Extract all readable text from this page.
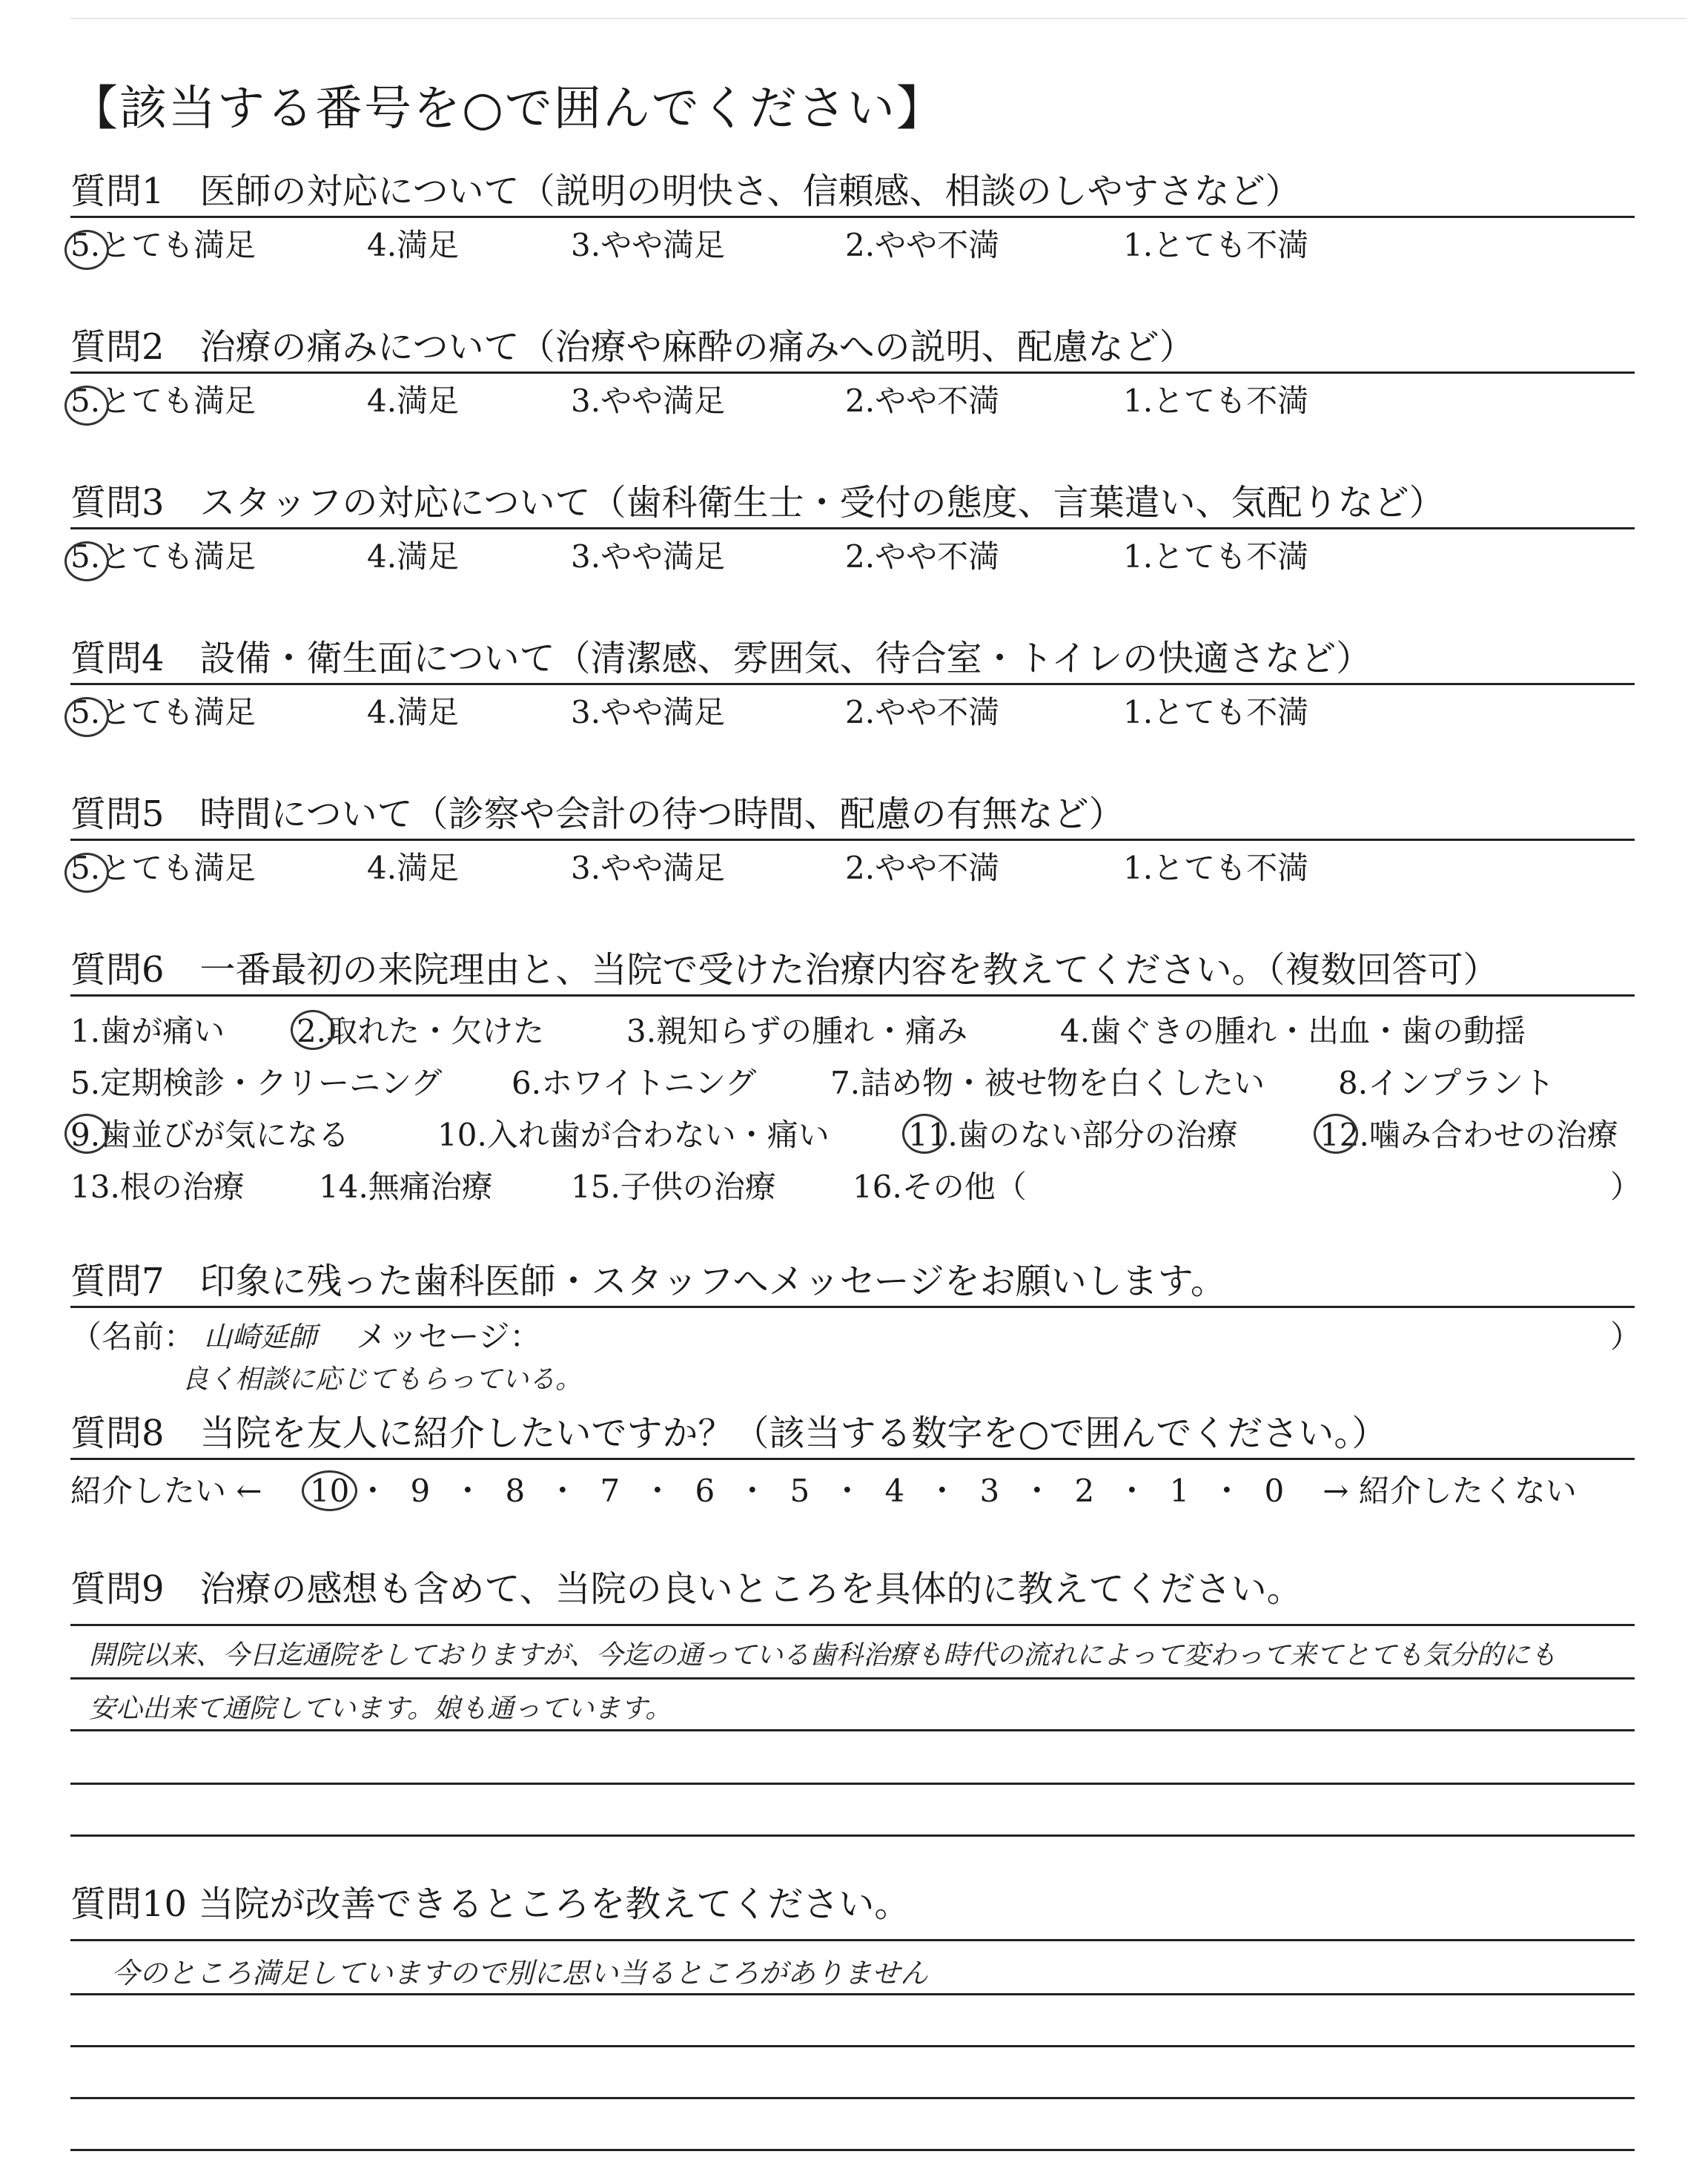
【該当する番号を○で囲んでください】
質問1　医師の対応について（説明の明快さ、信頼感、相談のしやすさなど）
5.とても満足	4.満足	3.やや満足	2.やや不満	1.とても不満
質問2　治療の痛みについて（治療や麻酔の痛みへの説明、配慮など）
5.とても満足	4.満足	3.やや満足	2.やや不満	1.とても不満
質問3　スタッフの対応について（歯科衛生士・受付の態度、言葉遣い、気配りなど）
5.とても満足	4.満足	3.やや満足	2.やや不満	1.とても不満
質問4　設備・衛生面について（清潔感、雰囲気、待合室・トイレの快適さなど）
5.とても満足	4.満足	3.やや満足	2.やや不満	1.とても不満
質問5　時間について（診察や会計の待つ時間、配慮の有無など）
5.とても満足	4.満足	3.やや満足	2.やや不満	1.とても不満
質問6　一番最初の来院理由と、当院で受けた治療内容を教えてください。（複数回答可）
1.歯が痛い 2.取れた・欠けた	3.親知らずの腫れ・痛み	4.歯ぐきの腫れ・出血・歯の動揺
5.定期検診・クリーニング 6.ホワイトニング 7.詰め物・被せ物を白くしたい 8.インプラント
9.歯並びが気になる	10.入れ歯が合わない・痛い	11.歯のない部分の治療	12.噛み合わせの治療
13.根の治療 14.無痛治療	15.子供の治療 16.その他（	）
質問7　印象に残った歯科医師・スタッフへメッセージをお願いします。
（名前： 山崎延師 メッセージ：	）
良く相談に応じてもらっている。
質問8　当院を友人に紹介したいですか？（該当する数字を○で囲んでください。）
紹介したい ← 10 ・ 9 ・ 8 ・ 7 ・ 6 ・ 5 ・ 4 ・ 3 ・ 2 ・ 1 ・ 0 → 紹介したくない
質問9　治療の感想も含めて、当院の良いところを具体的に教えてください。
開院以来、今日迄通院をしておりますが、今迄の通っている歯科治療も時代の流れによって変わって来てとても気分的にも
安心出来て通院しています。娘も通っています。
質問10 当院が改善できるところを教えてください。
今のところ満足していますので別に思い当るところがありません
